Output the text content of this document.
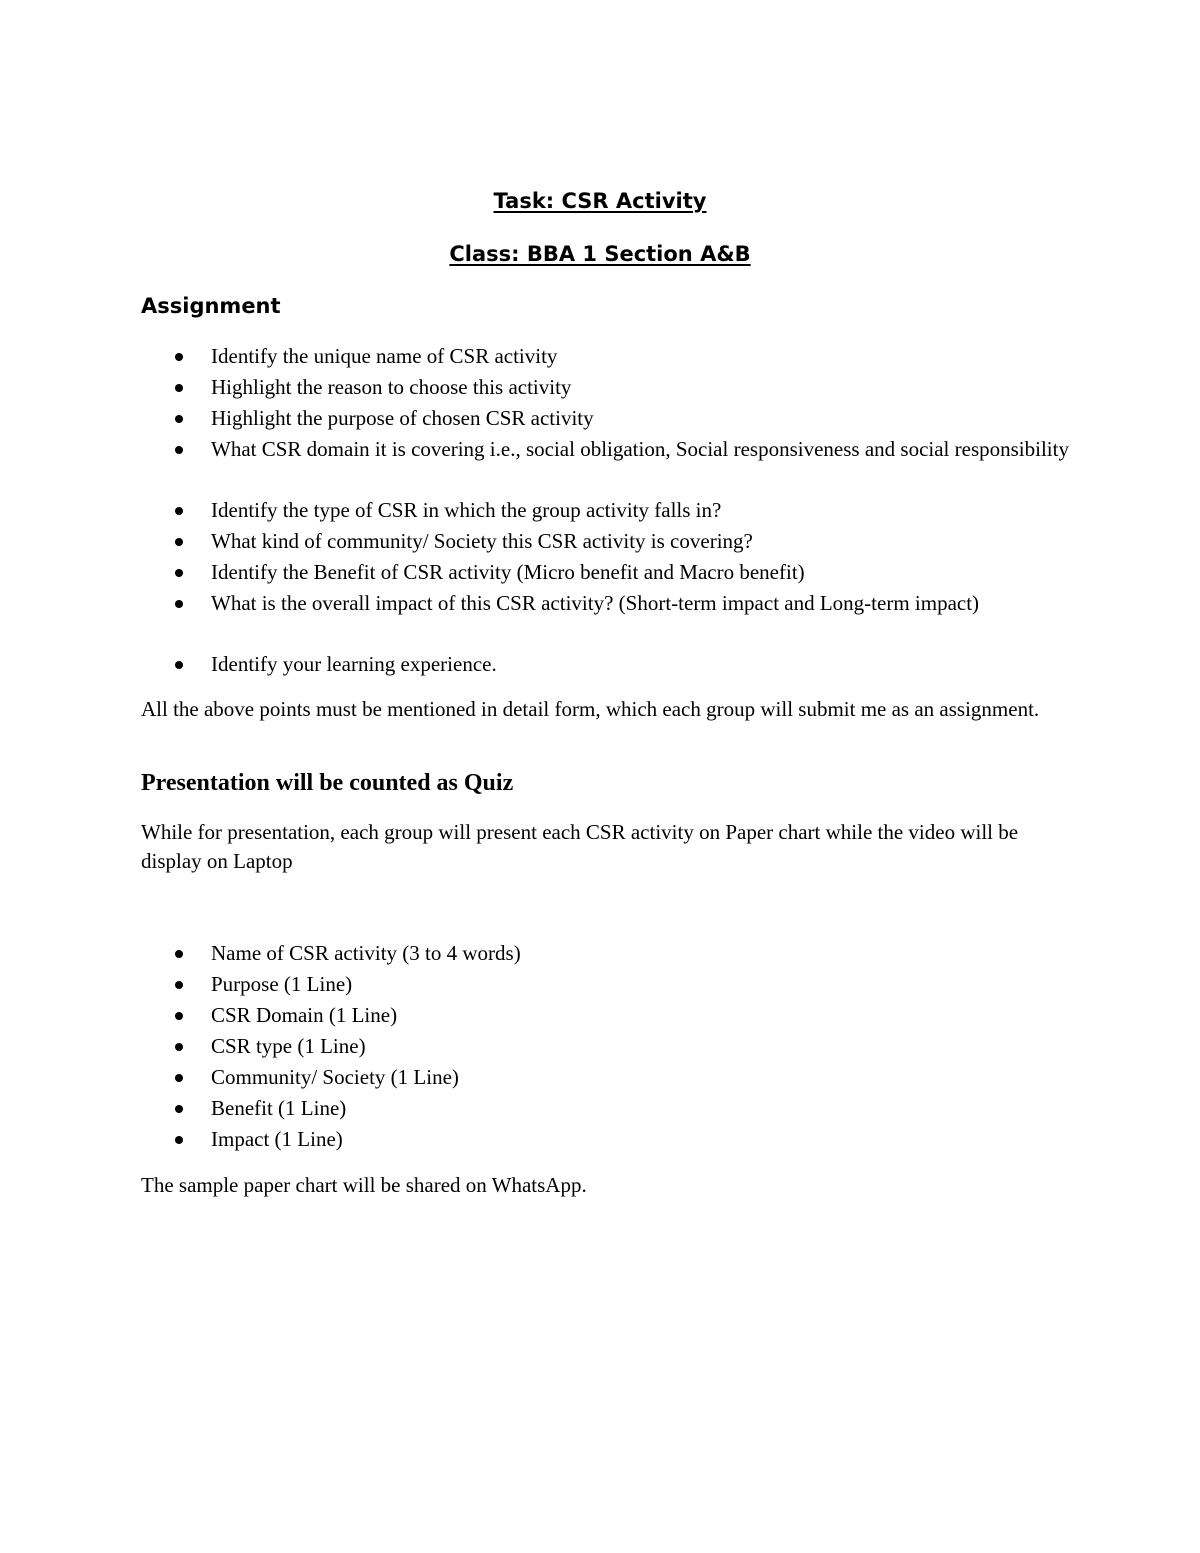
Task: CSR Activity
Class: BBA 1 Section A&B
Assignment
Identify the unique name of CSR activity
Highlight the reason to choose this activity
Highlight the purpose of chosen CSR activity
What CSR domain it is covering i.e., social obligation, Social responsiveness and social responsibility
Identify the type of CSR in which the group activity falls in?
What kind of community/ Society this CSR activity is covering?
Identify the Benefit of CSR activity (Micro benefit and Macro benefit)
What is the overall impact of this CSR activity? (Short-term impact and Long-term impact)
Identify your learning experience.
All the above points must be mentioned in detail form, which each group will submit me as an assignment.
Presentation will be counted as Quiz
While for presentation, each group will present each CSR activity on Paper chart while the video will be display on Laptop
Name of CSR activity (3 to 4 words)
Purpose (1 Line)
CSR Domain (1 Line)
CSR type (1 Line)
Community/ Society (1 Line)
Benefit (1 Line)
Impact (1 Line)
The sample paper chart will be shared on WhatsApp.
